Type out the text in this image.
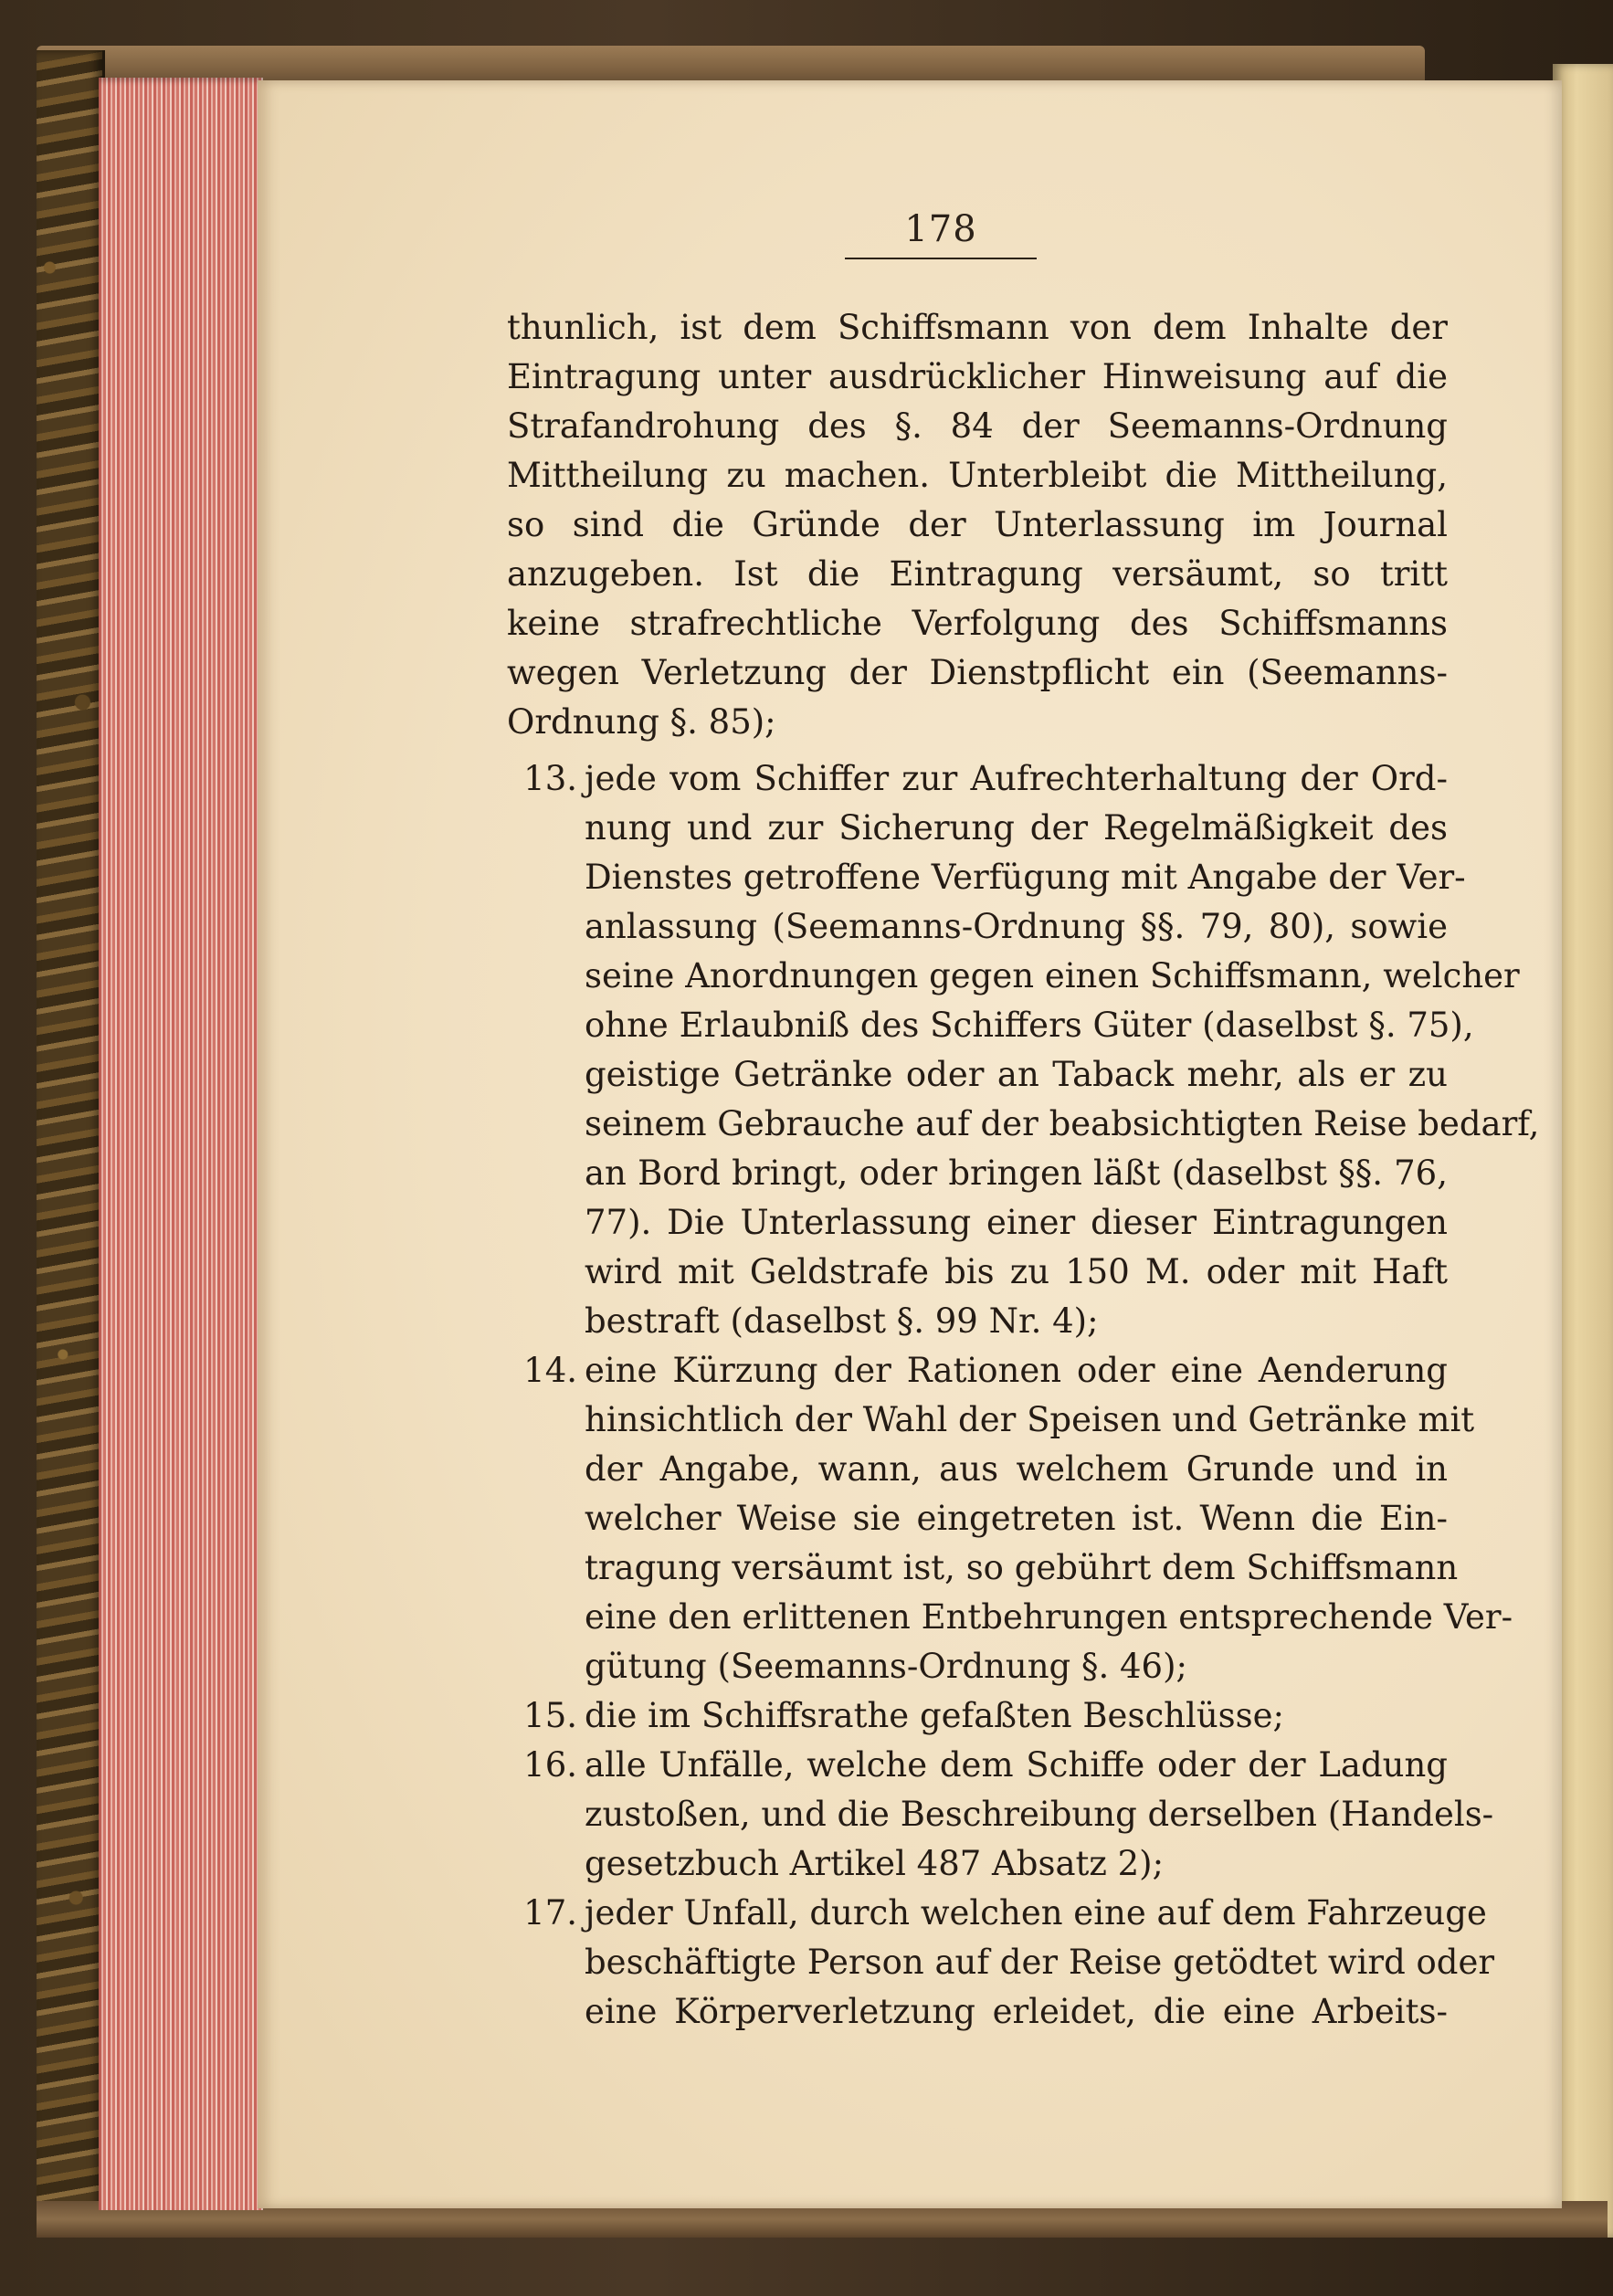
178
13.
14.
15.
16.
17.
thunlich, ist dem Schiffsmann von dem Inhalte der
Eintragung unter ausdrücklicher Hinweisung auf die
Strafandrohung des §. 84 der Seemanns-Ordnung
Mittheilung zu machen. Unterbleibt die Mittheilung,
so sind die Gründe der Unterlassung im Journal
anzugeben. Ist die Eintragung versäumt, so tritt
keine strafrechtliche Verfolgung des Schiffsmanns
wegen Verletzung der Dienstpflicht ein (Seemanns-
Ordnung §. 85);
jede vom Schiffer zur Aufrechterhaltung der Ord-
nung und zur Sicherung der Regelmäßigkeit des
Dienstes getroffene Verfügung mit Angabe der Ver-
anlassung (Seemanns-Ordnung §§. 79, 80), sowie
seine Anordnungen gegen einen Schiffsmann, welcher
ohne Erlaubniß des Schiffers Güter (daselbst §. 75),
geistige Getränke oder an Taback mehr, als er zu
seinem Gebrauche auf der beabsichtigten Reise bedarf,
an Bord bringt, oder bringen läßt (daselbst §§. 76,
77). Die Unterlassung einer dieser Eintragungen
wird mit Geldstrafe bis zu 150 M. oder mit Haft
bestraft (daselbst §. 99 Nr. 4);
eine Kürzung der Rationen oder eine Aenderung
hinsichtlich der Wahl der Speisen und Getränke mit
der Angabe, wann, aus welchem Grunde und in
welcher Weise sie eingetreten ist. Wenn die Ein-
tragung versäumt ist, so gebührt dem Schiffsmann
eine den erlittenen Entbehrungen entsprechende Ver-
gütung (Seemanns-Ordnung §. 46);
die im Schiffsrathe gefaßten Beschlüsse;
alle Unfälle, welche dem Schiffe oder der Ladung
zustoßen, und die Beschreibung derselben (Handels-
gesetzbuch Artikel 487 Absatz 2);
jeder Unfall, durch welchen eine auf dem Fahrzeuge
beschäftigte Person auf der Reise getödtet wird oder
eine Körperverletzung erleidet, die eine Arbeits-
